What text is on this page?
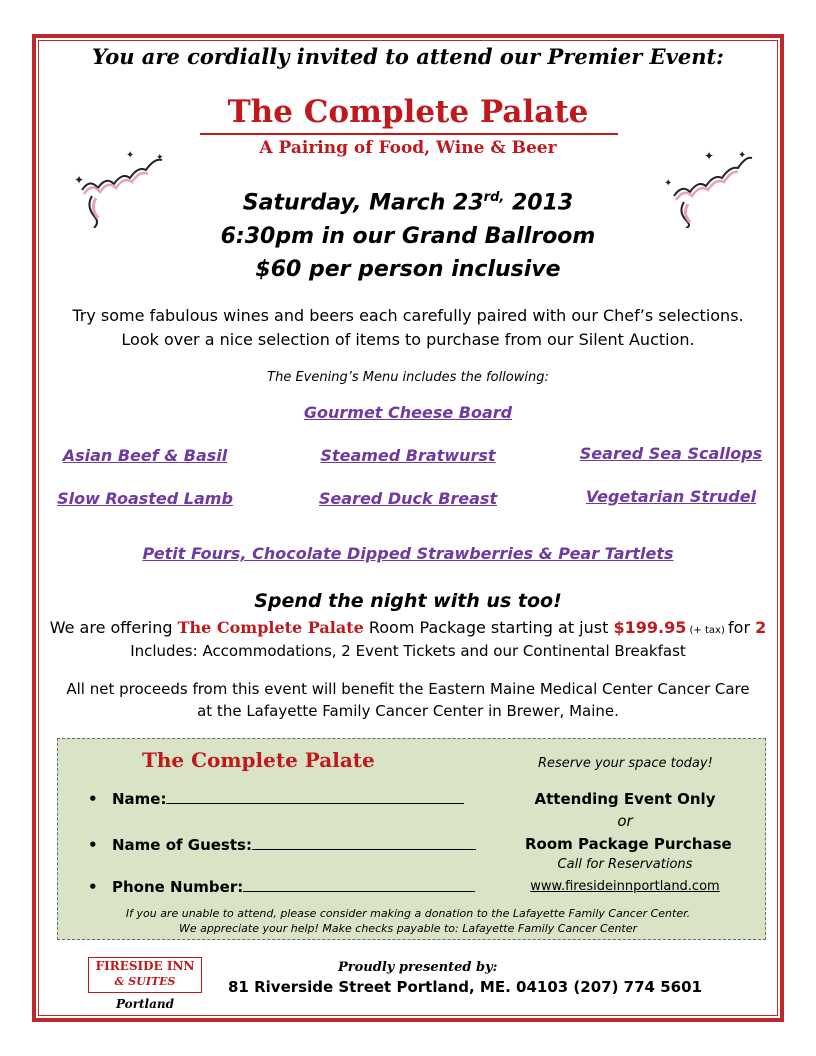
You are cordially invited to attend our Premier Event:
The Complete Palate
A Pairing of Food, Wine & Beer
✦
✦ ✦
✦
✦ ✦
Saturday, March $23^{rd,}$ 2013
6:30pm in our Grand Ballroom
$60 per person inclusive
Try some fabulous wines and beers each carefully paired with our Chef’s selections.
Look over a nice selection of items to purchase from our Silent Auction.
The Evening’s Menu includes the following:
Gourmet Cheese Board
Asian Beef & Basil	Steamed Bratwurst	Seared Sea Scallops
Slow Roasted Lamb	Seared Duck Breast	Vegetarian Strudel
Petit Fours, Chocolate Dipped Strawberries & Pear Tartlets
Spend the night with us too!
We are offering The Complete Palate Room Package starting at just $199.95 (+ tax) for 2
Includes: Accommodations, 2 Event Tickets and our Continental Breakfast
All net proceeds from this event will benefit the Eastern Maine Medical Center Cancer Care
at the Lafayette Family Cancer Center in Brewer, Maine.
The Complete Palate	Reserve your space today!
• Name:
• Name of Guests:
• Phone Number:
Attending Event Only
or
Room Package Purchase
Call for Reservations
www.firesideinnportland.com
If you are unable to attend, please consider making a donation to the Lafayette Family Cancer Center.
We appreciate your help! Make checks payable to: Lafayette Family Cancer Center
FIRESIDE INN
& SUITES
Portland
Proudly presented by:
81 Riverside Street Portland, ME. 04103 (207) 774 5601
